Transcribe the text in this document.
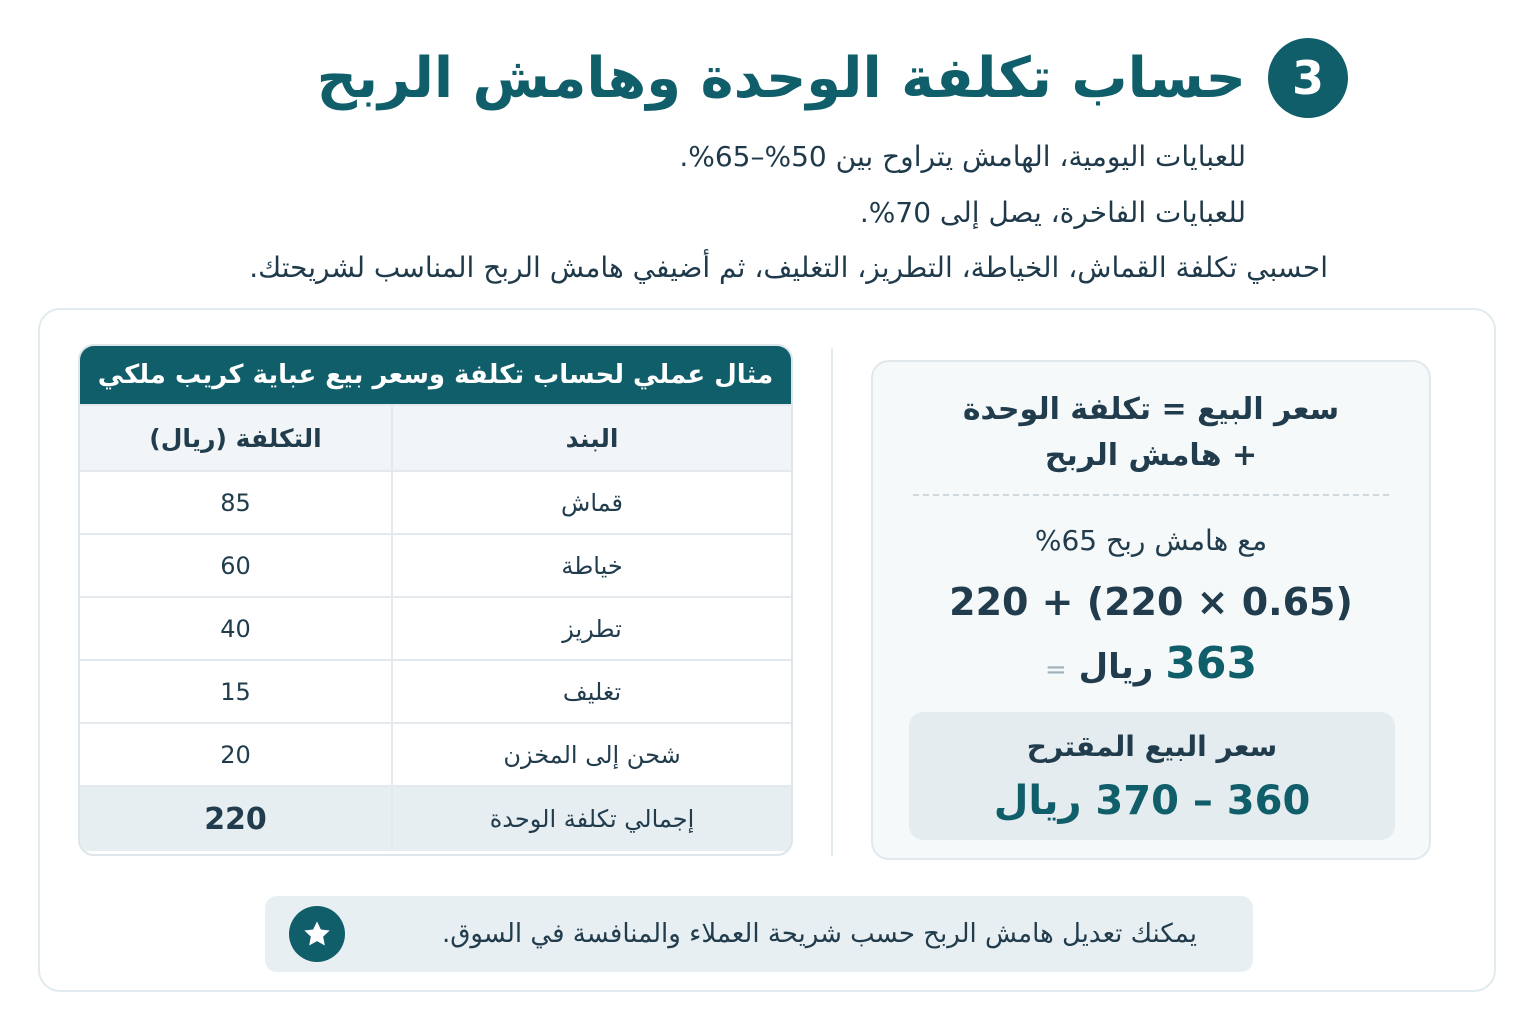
3
حساب تكلفة الوحدة وهامش الربح

للعبايات اليومية، الهامش يتراوح بين 50%–65%.

للعبايات الفاخرة، يصل إلى 70%.

احسبي تكلفة القماش، الخياطة، التطريز، التغليف، ثم أضيفي هامش الربح المناسب لشريحتك.

سعر البيع = تكلفة الوحدة
+ هامش الربح
مع هامش ربح 65%
220 + (220 × 0.65)
363
ريال
=
سعر البيع المقترح
360 – 370 ريال
مثال عملي لحساب تكلفة وسعر بيع عباية كريب ملكي
البند
التكلفة (ريال)
قماش
85
خياطة
60
تطريز
40
تغليف
15
شحن إلى المخزن
20
إجمالي تكلفة الوحدة
220
يمكنك تعديل هامش الربح حسب شريحة العملاء والمنافسة في السوق.
